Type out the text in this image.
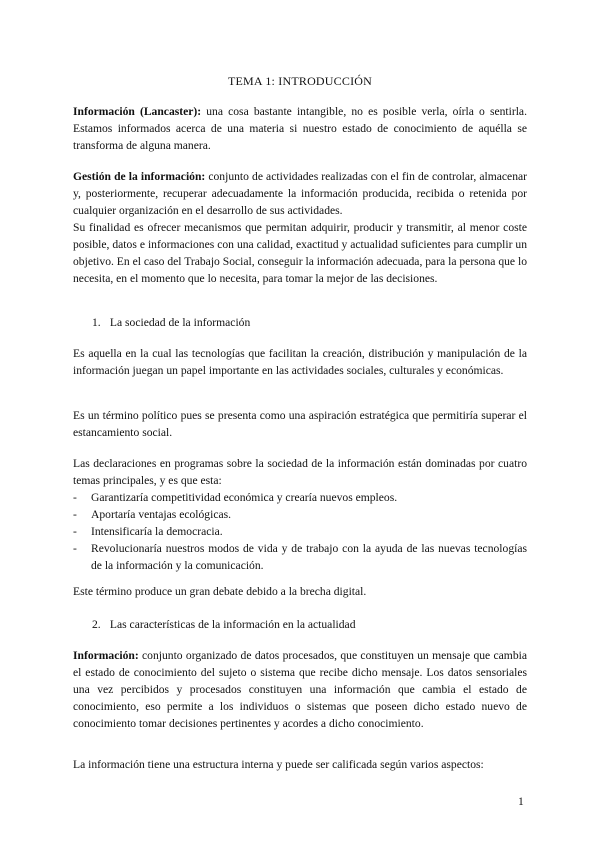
TEMA 1: INTRODUCCIÓN

Información (Lancaster): una cosa bastante intangible, no es posible verla, oírla o sentirla. Estamos informados acerca de una materia si nuestro estado de conocimiento de aquélla se transforma de alguna manera.

Gestión de la información: conjunto de actividades realizadas con el fin de controlar, almacenar y, posteriormente, recuperar adecuadamente la información producida, recibida o retenida por cualquier organización en el desarrollo de sus actividades.

Su finalidad es ofrecer mecanismos que permitan adquirir, producir y transmitir, al menor coste posible, datos e informaciones con una calidad, exactitud y actualidad suficientes para cumplir un objetivo. En el caso del Trabajo Social, conseguir la información adecuada, para la persona que lo necesita, en el momento que lo necesita, para tomar la mejor de las decisiones.

1. La sociedad de la información

Es aquella en la cual las tecnologías que facilitan la creación, distribución y manipulación de la información juegan un papel importante en las actividades sociales, culturales y económicas.

Es un término político pues se presenta como una aspiración estratégica que permitiría superar el estancamiento social.

Las declaraciones en programas sobre la sociedad de la información están dominadas por cuatro temas principales, y es que esta:

- Garantizaría competitividad económica y crearía nuevos empleos.
- Aportaría ventajas ecológicas.
- Intensificaría la democracia.
- Revolucionaría nuestros modos de vida y de trabajo con la ayuda de las nuevas tecnologías de la información y la comunicación.

Este término produce un gran debate debido a la brecha digital.

2. Las características de la información en la actualidad

Información: conjunto organizado de datos procesados, que constituyen un mensaje que cambia el estado de conocimiento del sujeto o sistema que recibe dicho mensaje. Los datos sensoriales una vez percibidos y procesados constituyen una información que cambia el estado de conocimiento, eso permite a los individuos o sistemas que poseen dicho estado nuevo de conocimiento tomar decisiones pertinentes y acordes a dicho conocimiento.

La información tiene una estructura interna y puede ser calificada según varios aspectos:

1
